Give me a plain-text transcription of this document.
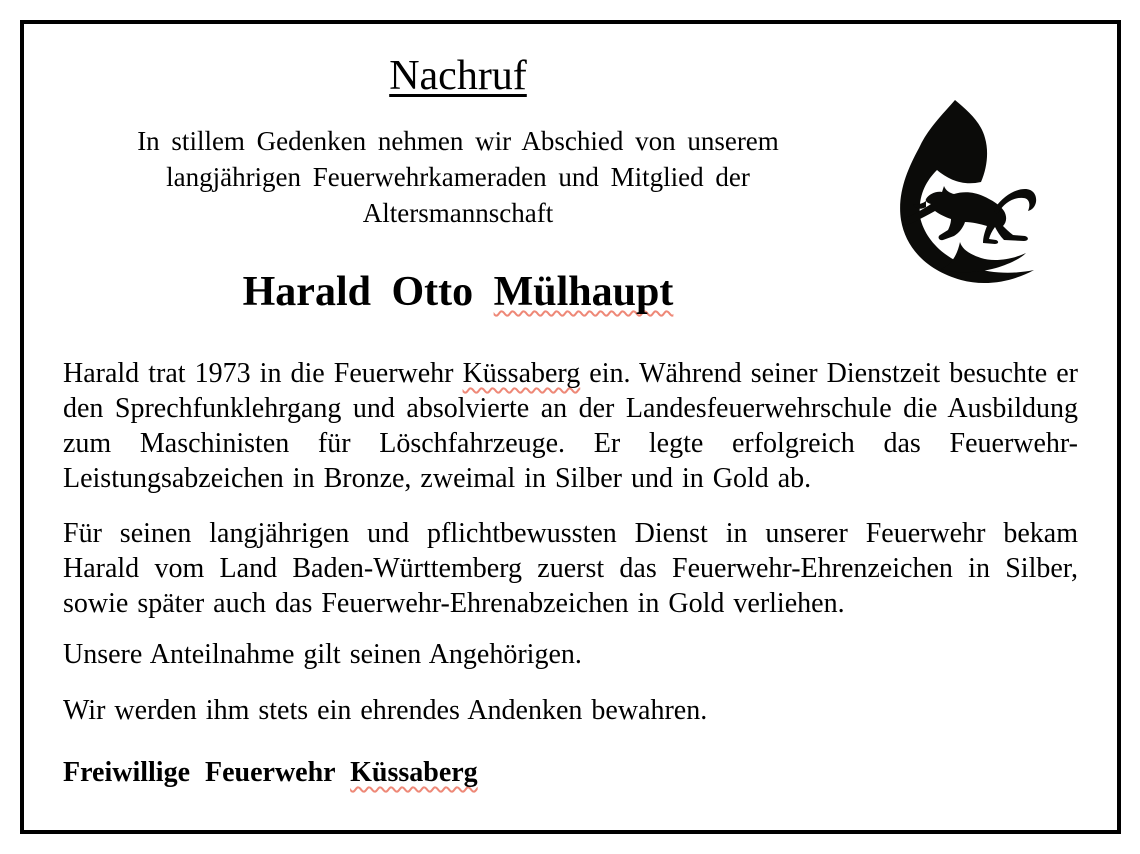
Nachruf
In stillem Gedenken nehmen wir Abschied von unserem
langjährigen Feuerwehrkameraden und Mitglied der
Altersmannschaft
Harald Otto Mülhaupt
Harald trat 1973 in die Feuerwehr Küssaberg ein. Während seiner Dienstzeit besuchte er
den Sprechfunklehrgang und absolvierte an der Landesfeuerwehrschule die Ausbildung
zum Maschinisten für Löschfahrzeuge. Er legte erfolgreich das Feuerwehr-
Leistungsabzeichen in Bronze, zweimal in Silber und in Gold ab.
Für seinen langjährigen und pflichtbewussten Dienst in unserer Feuerwehr bekam
Harald vom Land Baden-Württemberg zuerst das Feuerwehr-Ehrenzeichen in Silber,
sowie später auch das Feuerwehr-Ehrenabzeichen in Gold verliehen.
Unsere Anteilnahme gilt seinen Angehörigen.
Wir werden ihm stets ein ehrendes Andenken bewahren.
Freiwillige Feuerwehr Küssaberg
